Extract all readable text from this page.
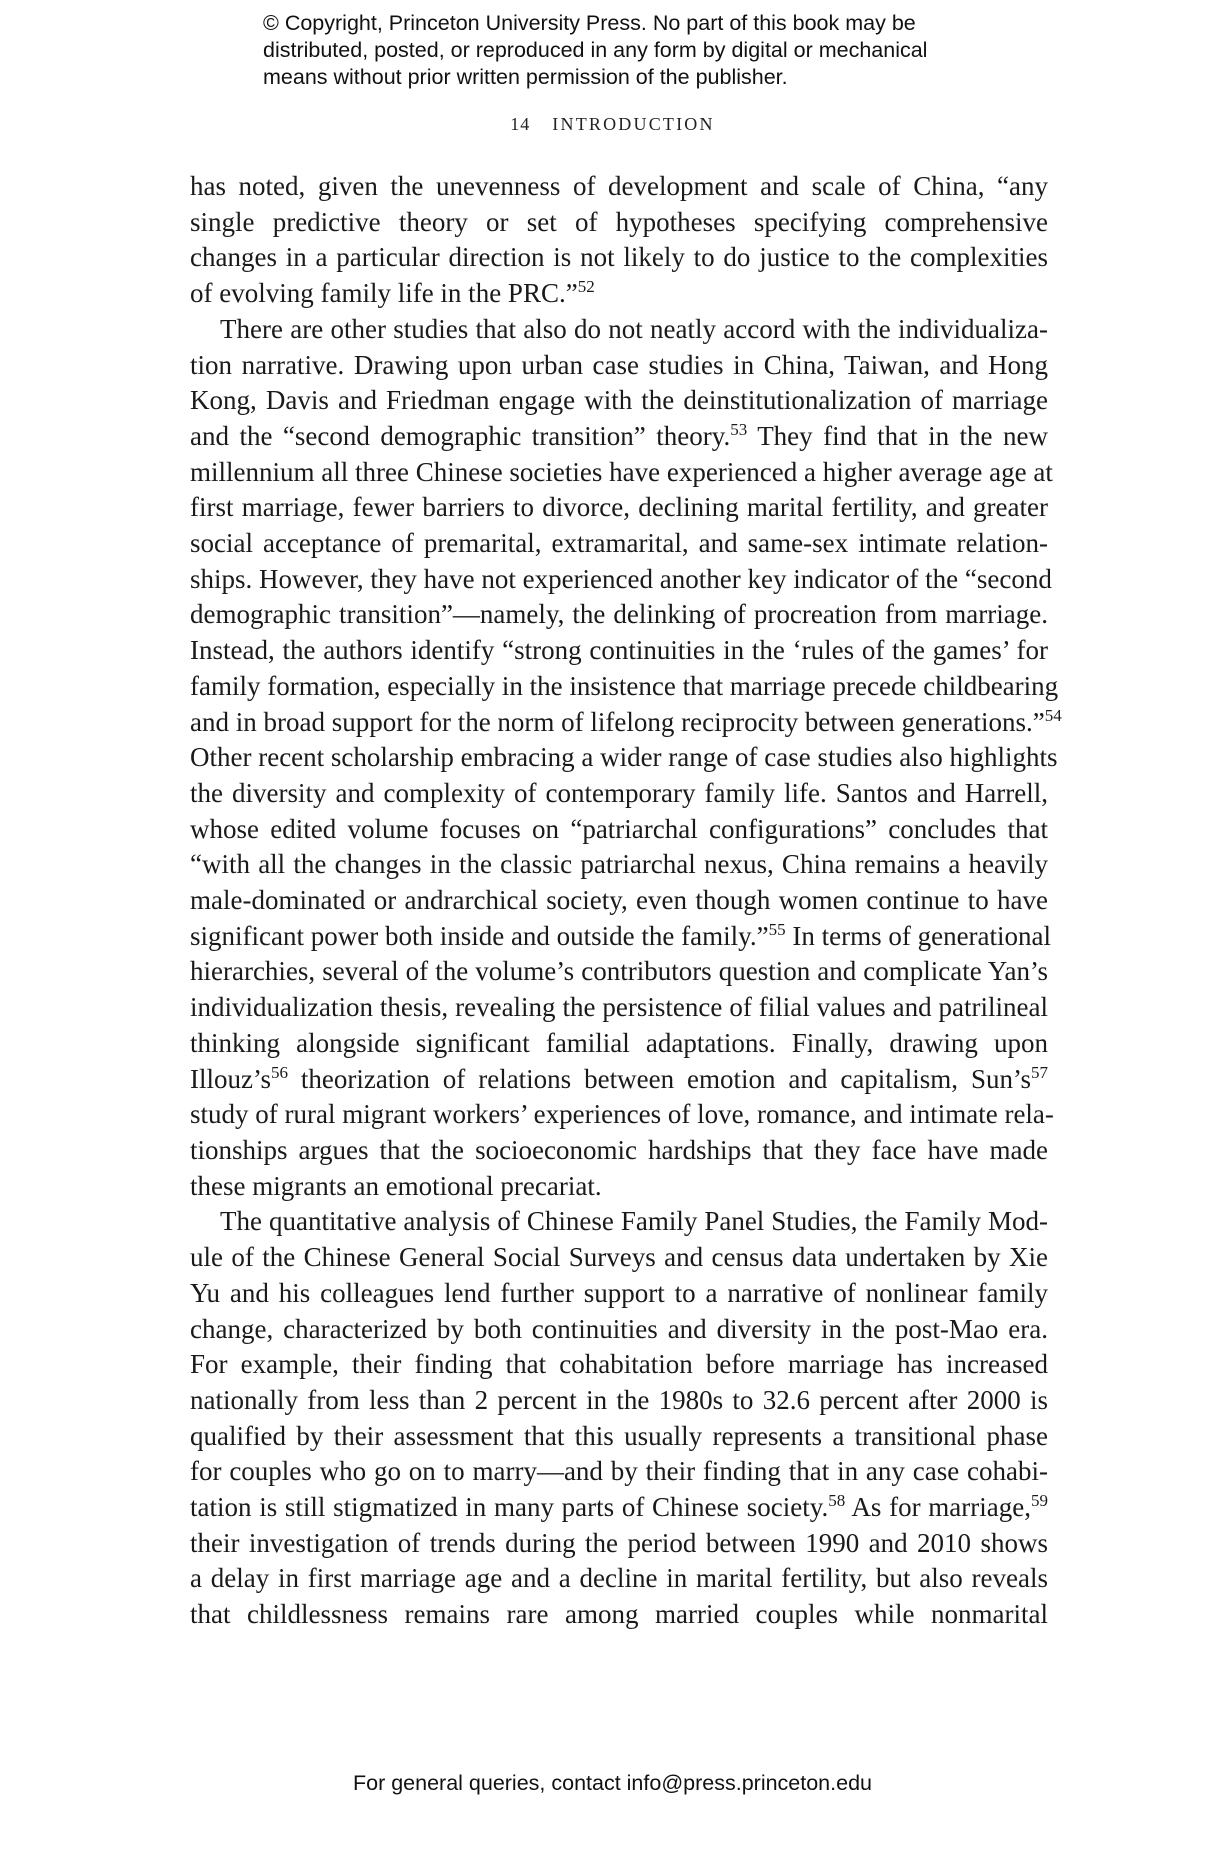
© Copyright, Princeton University Press. No part of this book may be
distributed, posted, or reproduced in any form by digital or mechanical
means without prior written permission of the publisher.
14 INTRODUCTION
has noted, given the unevenness of development and scale of China, “any
single predictive theory or set of hypotheses specifying comprehensive
changes in a particular direction is not likely to do justice to the complexities
of evolving family life in the PRC.”$^{52}$
There are other studies that also do not neatly accord with the individualiza-
tion narrative. Drawing upon urban case studies in China, Taiwan, and Hong
Kong, Davis and Friedman engage with the deinstitutionalization of marriage
and the “second demographic transition” theory.$^{53}$ They find that in the new
millennium all three Chinese societies have experienced a higher average age at
first marriage, fewer barriers to divorce, declining marital fertility, and greater
social acceptance of premarital, extramarital, and same-sex intimate relation-
ships. However, they have not experienced another key indicator of the “second
demographic transition”—namely, the delinking of procreation from marriage.
Instead, the authors identify “strong continuities in the ‘rules of the games’ for
family formation, especially in the insistence that marriage precede childbearing
and in broad support for the norm of lifelong reciprocity between generations.”$^{54}$
Other recent scholarship embracing a wider range of case studies also highlights
the diversity and complexity of contemporary family life. Santos and Harrell,
whose edited volume focuses on “patriarchal configurations” concludes that
“with all the changes in the classic patriarchal nexus, China remains a heavily
male-dominated or andrarchical society, even though women continue to have
significant power both inside and outside the family.”$^{55}$ In terms of generational
hierarchies, several of the volume’s contributors question and complicate Yan’s
individualization thesis, revealing the persistence of filial values and patrilineal
thinking alongside significant familial adaptations. Finally, drawing upon
Illouz’s$^{56}$ theorization of relations between emotion and capitalism, Sun’s$^{57}$
study of rural migrant workers’ experiences of love, romance, and intimate rela-
tionships argues that the socioeconomic hardships that they face have made
these migrants an emotional precariat.
The quantitative analysis of Chinese Family Panel Studies, the Family Mod-
ule of the Chinese General Social Surveys and census data undertaken by Xie
Yu and his colleagues lend further support to a narrative of nonlinear family
change, characterized by both continuities and diversity in the post-Mao era.
For example, their finding that cohabitation before marriage has increased
nationally from less than 2 percent in the 1980s to 32.6 percent after 2000 is
qualified by their assessment that this usually represents a transitional phase
for couples who go on to marry—and by their finding that in any case cohabi-
tation is still stigmatized in many parts of Chinese society.$^{58}$ As for marriage,$^{59}$
their investigation of trends during the period between 1990 and 2010 shows
a delay in first marriage age and a decline in marital fertility, but also reveals
that childlessness remains rare among married couples while nonmarital
For general queries, contact info@press.princeton.edu
